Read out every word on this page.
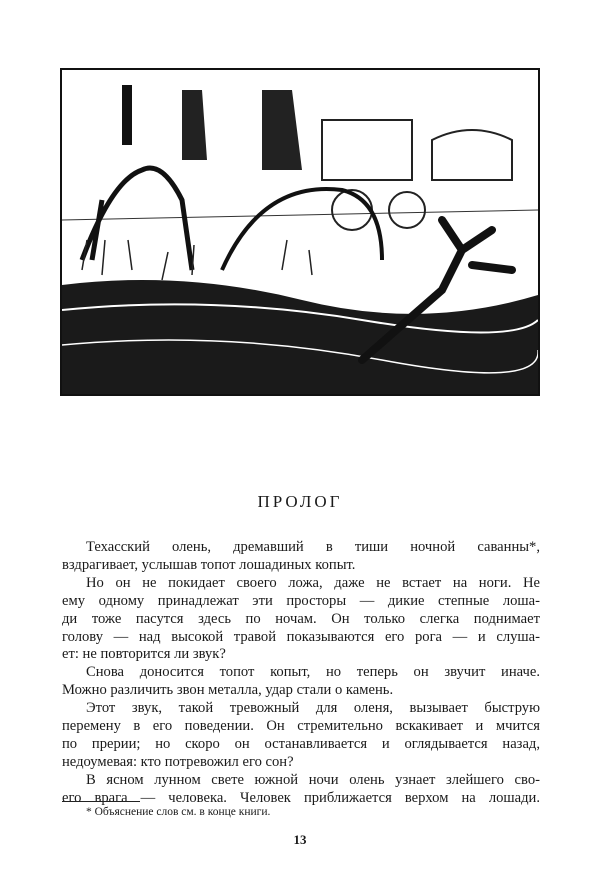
ПРОЛОГ
Техасский олень, дремавший в тиши ночной саванны*,
вздрагивает, услышав топот лошадиных копыт.
Но он не покидает своего ложа, даже не встает на ноги. Не
ему одному принадлежат эти просторы — дикие степные лоша-
ди тоже пасутся здесь по ночам. Он только слегка поднимает
голову — над высокой травой показываются его рога — и слуша-
ет: не повторится ли звук?
Снова доносится топот копыт, но теперь он звучит иначе.
Можно различить звон металла, удар стали о камень.
Этот звук, такой тревожный для оленя, вызывает быструю
перемену в его поведении. Он стремительно вскакивает и мчится
по прерии; но скоро он останавливается и оглядывается назад,
недоумевая: кто потревожил его сон?
В ясном лунном свете южной ночи олень узнает злейшего сво-
его врага — человека. Человек приближается верхом на лошади.
* Объяснение слов см. в конце книги.
13
